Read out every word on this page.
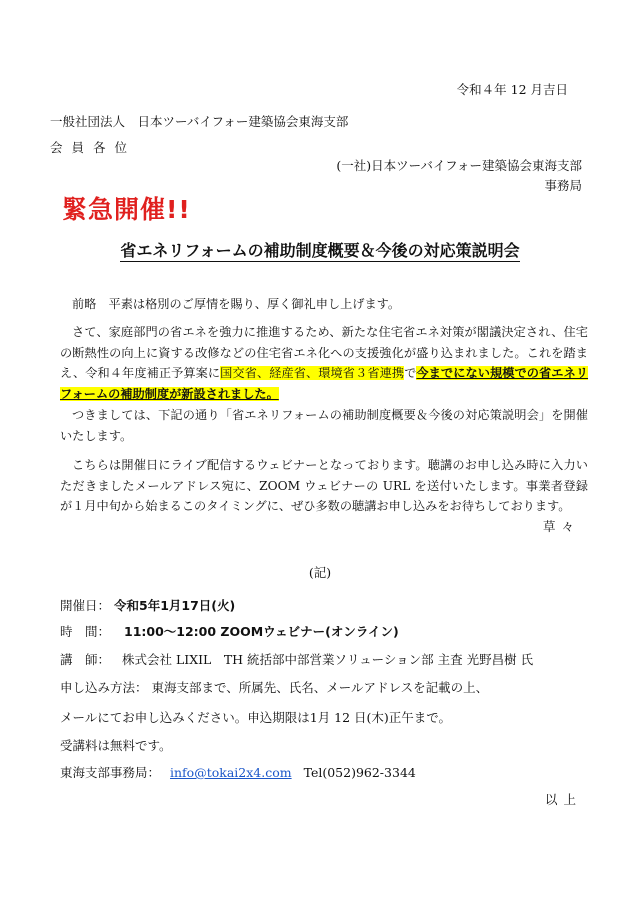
令和４年 12 月吉日
一般社団法人　日本ツーバイフォー建築協会東海支部
会員各位
(一社)日本ツーバイフォー建築協会東海支部
事務局
緊急開催!!
省エネリフォームの補助制度概要＆今後の対応策説明会
前略　平素は格別のご厚情を賜り、厚く御礼申し上げます。
さて、家庭部門の省エネを強力に推進するため、新たな住宅省エネ対策が閣議決定され、住宅の断熱性の向上に資する改修などの住宅省エネ化への支援強化が盛り込まれました。これを踏まえ、令和４年度補正予算案に国交省、経産省、環境省３省連携で今までにない規模での省エネリフォームの補助制度が新設されました。
つきましては、下記の通り「省エネリフォームの補助制度概要＆今後の対応策説明会」を開催いたします。
こちらは開催日にライブ配信するウェビナーとなっております。聴講のお申し込み時に入力いただきましたメールアドレス宛に、ZOOM ウェビナーの URL を送付いたします。事業者登録が１月中旬から始まるこのタイミングに、ぜひ多数の聴講お申し込みをお待ちしております。
草々
(記)
開催日： 令和5年1月17日(火)
時　間： 11:00～12:00 ZOOMウェビナー(オンライン)
講　師： 株式会社 LIXIL　TH 統括部中部営業ソリューション部 主査 光野昌樹 氏
申し込み方法： 東海支部まで、所属先、氏名、メールアドレスを記載の上、
メールにてお申し込みください。申込期限は1月 12 日(木)正午まで。
受講料は無料です。
東海支部事務局： info@tokai2x4.com Tel(052)962-3344
以上
